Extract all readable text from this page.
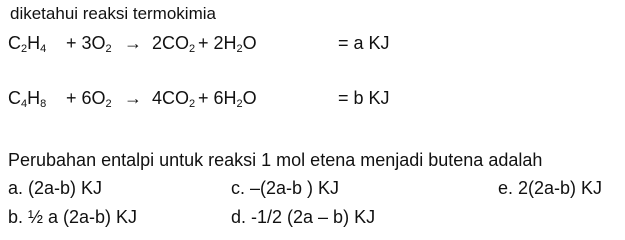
diketahui reaksi termokimia
$C_2H_4 + 3O_2 \to 2CO_2 + 2H_2O$	= a KJ
$C_4H_8 + 6O_2 \to 4CO_2 + 6H_2O$	= b KJ
Perubahan entalpi untuk reaksi 1 mol etena menjadi butena adalah
a. (2a-b) KJ	c. –(2a-b ) KJ	e. 2(2a-b) KJ
b. ½ a (2a-b) KJ	d. -1/2 (2a – b) KJ
